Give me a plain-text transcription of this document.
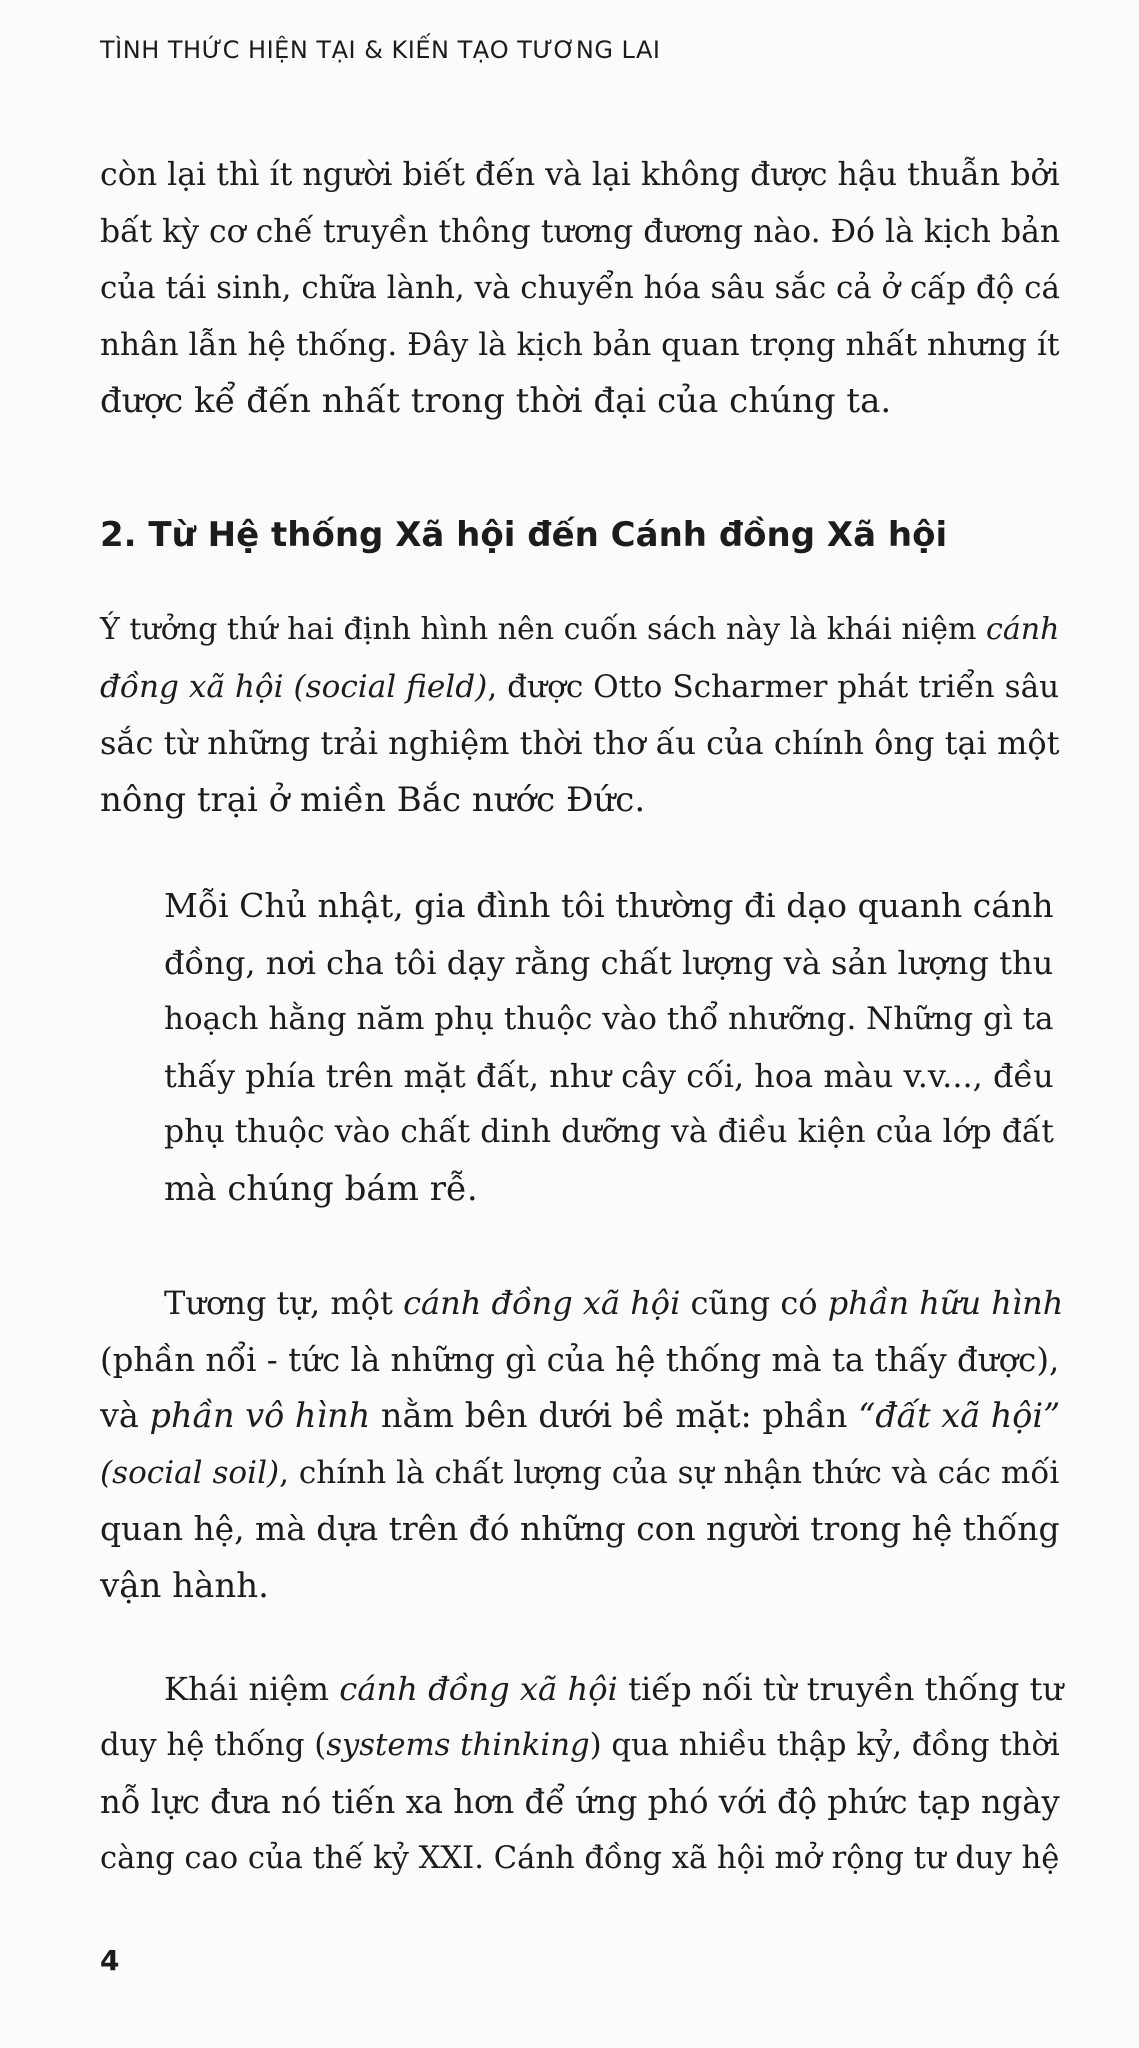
TÌNH THỨC HIỆN TẠI & KIẾN TẠO TƯƠNG LAI

còn lại thì ít người biết đến và lại không được hậu thuẫn bởi
bất kỳ cơ chế truyền thông tương đương nào. Đó là kịch bản
của tái sinh, chữa lành, và chuyển hóa sâu sắc cả ở cấp độ cá
nhân lẫn hệ thống. Đây là kịch bản quan trọng nhất nhưng ít
được kể đến nhất trong thời đại của chúng ta.

2. Từ Hệ thống Xã hội đến Cánh đồng Xã hội

Ý tưởng thứ hai định hình nên cuốn sách này là khái niệm cánh
đồng xã hội (social field), được Otto Scharmer phát triển sâu
sắc từ những trải nghiệm thời thơ ấu của chính ông tại một
nông trại ở miền Bắc nước Đức.

Mỗi Chủ nhật, gia đình tôi thường đi dạo quanh cánh
đồng, nơi cha tôi dạy rằng chất lượng và sản lượng thu
hoạch hằng năm phụ thuộc vào thổ nhưỡng. Những gì ta
thấy phía trên mặt đất, như cây cối, hoa màu v.v..., đều
phụ thuộc vào chất dinh dưỡng và điều kiện của lớp đất
mà chúng bám rễ.

Tương tự, một cánh đồng xã hội cũng có phần hữu hình
(phần nổi - tức là những gì của hệ thống mà ta thấy được),
và phần vô hình nằm bên dưới bề mặt: phần “đất xã hội”
(social soil), chính là chất lượng của sự nhận thức và các mối
quan hệ, mà dựa trên đó những con người trong hệ thống
vận hành.

Khái niệm cánh đồng xã hội tiếp nối từ truyền thống tư
duy hệ thống (systems thinking) qua nhiều thập kỷ, đồng thời
nỗ lực đưa nó tiến xa hơn để ứng phó với độ phức tạp ngày
càng cao của thế kỷ XXI. Cánh đồng xã hội mở rộng tư duy hệ

4
